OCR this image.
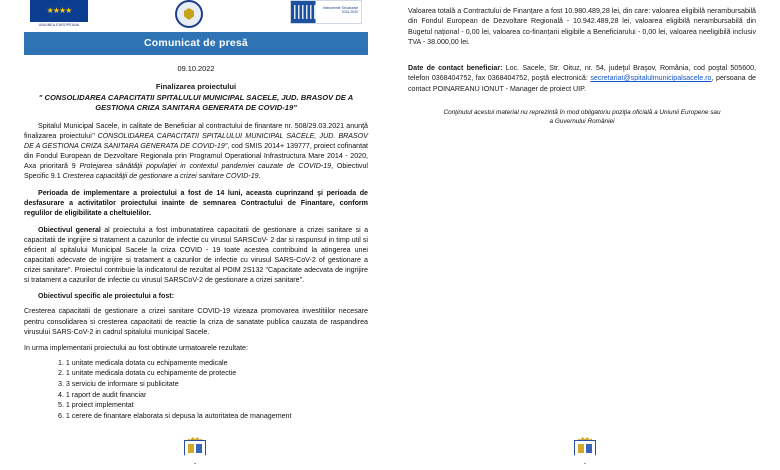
★★★★
UNIUNEA EUROPEANA
Instrumente Structurale
2014-2020
Comunicat de presă
09.10.2022
Finalizarea proiectului
" CONSOLIDAREA CAPACITATII SPITALULUI MUNICIPAL SACELE, JUD. BRASOV DE A GESTIONA CRIZA SANITARA GENERATA DE COVID-19"

Spitalul Municipal Sacele, in calitate de Beneficiar al contractului de finantare nr. 508/29.03.2021 anunţă finalizarea proiectului" CONSOLIDAREA CAPACITATII SPITALULUI MUNICIPAL SACELE, JUD. BRASOV DE A GESTIONA CRIZA SANITARA GENERATA DE COVID-19", cod SMIS 2014+ 139777, proiect cofinantat din Fondul European de Dezvoltare Regionala prin Programul Operational Infrastructura Mare 2014 - 2020, Axa prioritară 9 Protejarea sănătăţii populaţiei in contextul pandemiei cauzate de COVID-19, Obiectivul Specific 9.1 Cresterea capacităţii de gestionare a crizei sanitare COVID-19.

Perioada de implementare a proiectului a fost de 14 luni, aceasta cuprinzand şi perioada de desfasurare a activitatilor proiectului inainte de semnarea Contractului de Finantare, conform regulilor de eligibilitate a cheltuielilor.

Obiectivul general al proiectului a fost imbunatatirea capacitatii de gestionare a crizei sanitare si a capacitatii de ingrijire si tratament a cazurilor de infectie cu virusul SARSCoV- 2 dar si raspunsul in timp util si eficient al spitalului Municipal Sacele la criza COVID - 19 toate acestea contribuind la atingerea unei capacitati adecvate de ingrijire si tratament a cazurilor de infectie cu virusul SARS-CoV-2 of gestionare a crizei sanitare". Proiectul contribuie la indicatorul de rezultat al POIM 2S132 "Capacitate adecvata de ingrijire si tratament a cazurilor de infectie cu virusul SARSCoV-2 de gestionare a crizei sanitare".

Obiectivul specific ale proiectului a fost:

Cresterea capacitatii de gestionare a crizei sanitare COVID-19 vizeaza promovarea investitiilor necesare pentru consolidarea si cresterea capacitatii de reactie la criza de sanatate publica cauzata de raspandirea virusului SARS-CoV-2 in cadrul spitalului municipal Sacele.

In urma implementarii proiectului au fost obtinute urmatoarele rezultate:

1. 1 unitate medicala dotata cu echipamente medicale
2. 1 unitate medicala dotata cu echipamente de protectie
3. 3 serviciu de informare si publicitate
4. 1 raport de audit financiar
5. 1 proiect implementat
6. 1 cerere de finantare elaborata si depusa la autoritatea de management

Valoarea totală a Contractului de Finanțare a fost 10.980.489,28 lei, din care: valoarea eligibilă nerambursabilă din Fondul European de Dezvoltare Regională - 10.942.489,28 lei, valoarea eligibilă nerambursabilă din Bugetul național - 0,00 lei, valoarea co-finanțarii eligibile a Beneficiarului - 0,00 lei, valoarea neeligibilă inclusiv TVA - 38.000,00 lei.

Date de contact beneficiar: Loc. Sacele, Str. Oituz, nr. 54, judeţul Braşov, România, cod poştal 505600, telefon 0368404752, fax 0368404752, poştă electronică: secretariat@spitalulmunicipalsacele.ro, persoana de contact POINAREANU IONUT - Manager de proiect UIP.

Conţinutul acestui material nu reprezintă în mod obligatoriu poziţia oficială a Uniunii Europene sau
a Guvernului României
